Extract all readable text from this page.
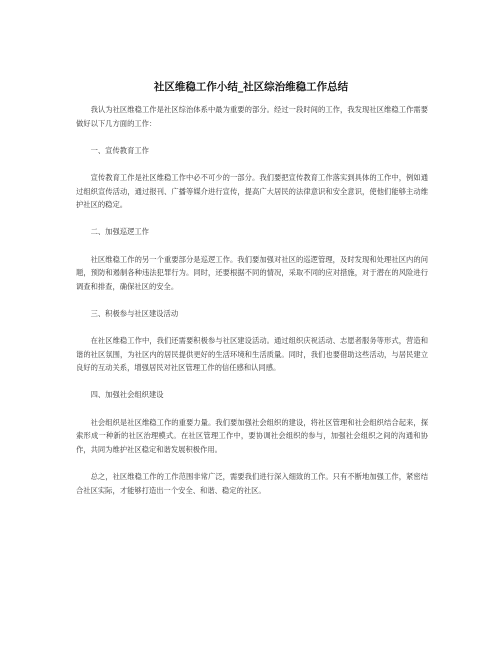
社区维稳工作小结_社区综治维稳工作总结

我认为社区维稳工作是社区综治体系中最为重要的部分。经过一段时间的工作，我发现社区维稳工作需要做好以下几方面的工作：

一、宣传教育工作

宣传教育工作是社区维稳工作中必不可少的一部分。我们要把宣传教育工作落实到具体的工作中，例如通过组织宣传活动，通过报刊、广播等媒介进行宣传，提高广大居民的法律意识和安全意识，使他们能够主动维护社区的稳定。

二、加强巡逻工作

社区维稳工作的另一个重要部分是巡逻工作。我们要加强对社区的巡逻管理，及时发现和处理社区内的问题，预防和遏制各种违法犯罪行为。同时，还要根据不同的情况，采取不同的应对措施，对于潜在的风险进行调查和排查，确保社区的安全。

三、积极参与社区建设活动

在社区维稳工作中，我们还需要积极参与社区建设活动。通过组织庆祝活动、志愿者服务等形式，营造和谐的社区氛围，为社区内的居民提供更好的生活环境和生活质量。同时，我们也要借助这些活动，与居民建立良好的互动关系，增强居民对社区管理工作的信任感和认同感。

四、加强社会组织建设

社会组织是社区维稳工作的重要力量。我们要加强社会组织的建设，将社区管理和社会组织结合起来，探索形成一种新的社区治理模式。在社区管理工作中，要协调社会组织的参与，加强社会组织之间的沟通和协作，共同为维护社区稳定和谐发展积极作用。

总之，社区维稳工作的工作范围非常广泛，需要我们进行深入细致的工作。只有不断地加强工作，紧密结合社区实际，才能够打造出一个安全、和谐、稳定的社区。
